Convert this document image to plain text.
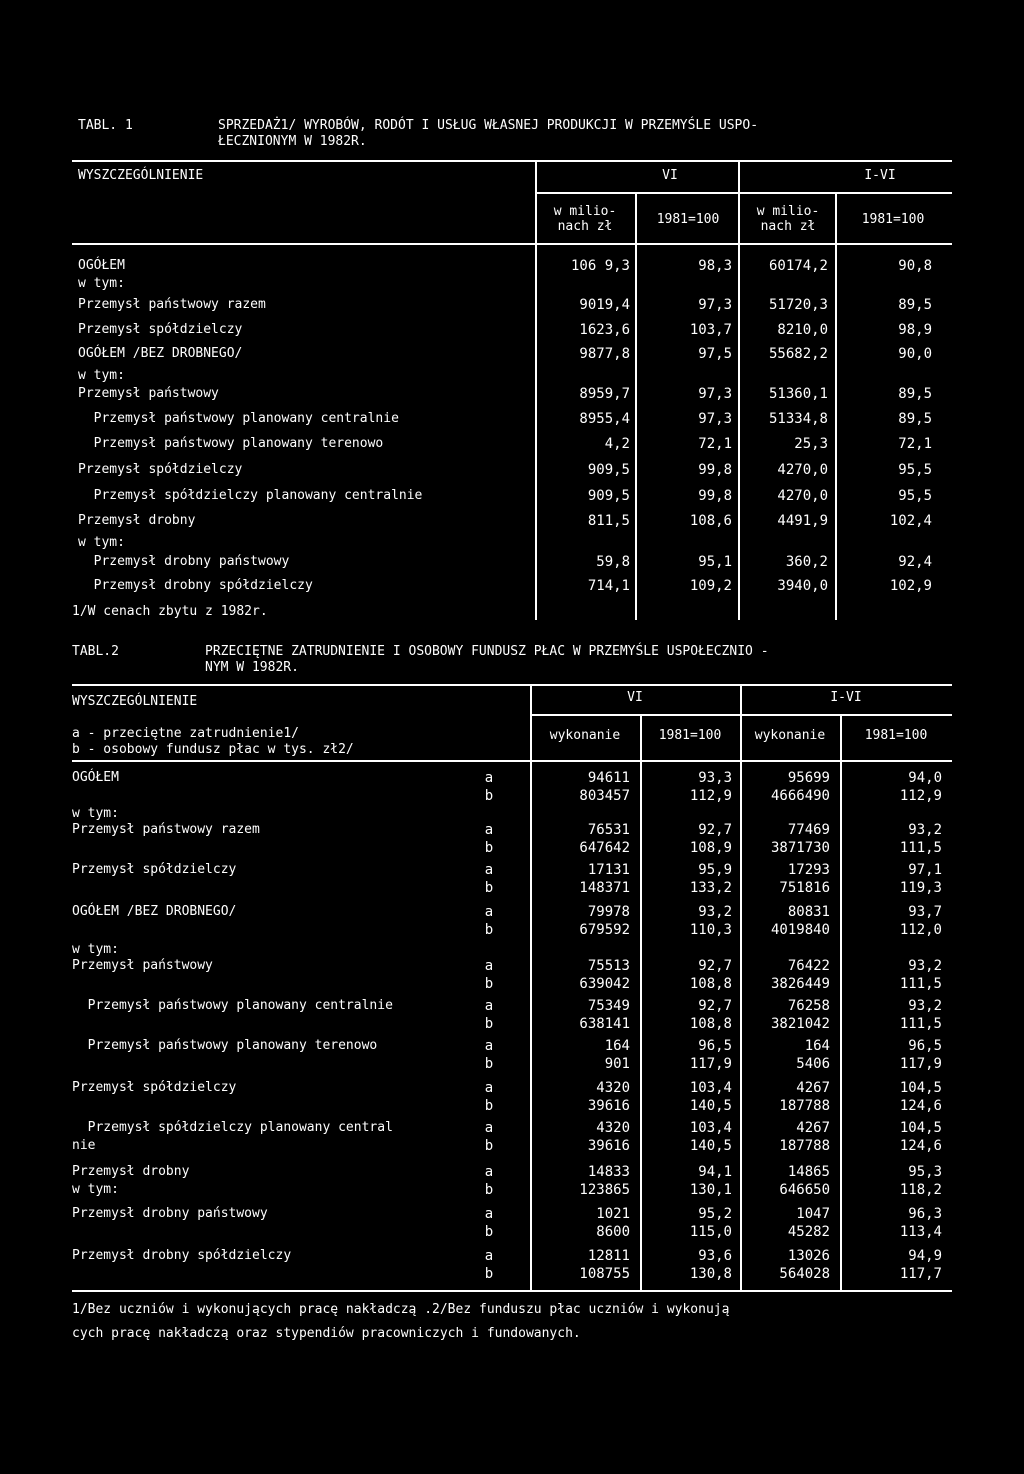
TABL. 1	SPRZEDAŻ1/ WYROBÓW, RODÓT I USŁUG WŁASNEJ PRODUKCJI W PRZEMYŚLE USPO-
ŁECZNIONYM W 1982R.
WYSZCZEGÓLNIENIE	VI	I-VI
w milio-
nach zł	1981=100
w milio-
nach zł	1981=100
OGÓŁEM	106 9,3	98,3	60174,2	90,8
w tym:
Przemysł państwowy razem	9019,4	97,3	51720,3	89,5
Przemysł spółdzielczy	1623,6	103,7	8210,0	98,9
OGÓŁEM /BEZ DROBNEGO/	9877,8	97,5	55682,2	90,0
w tym:
Przemysł państwowy	8959,7	97,3	51360,1	89,5
Przemysł państwowy planowany centralnie	8955,4	97,3	51334,8	89,5
Przemysł państwowy planowany terenowo	4,2	72,1	25,3	72,1
Przemysł spółdzielczy	909,5	99,8	4270,0	95,5
Przemysł spółdzielczy planowany centralnie	909,5	99,8	4270,0	95,5
Przemysł drobny	811,5	108,6	4491,9	102,4
w tym:
Przemysł drobny państwowy	59,8	95,1	360,2	92,4
Przemysł drobny spółdzielczy	714,1	109,2	3940,0	102,9
1/W cenach zbytu z 1982r.
TABL.2	PRZECIĘTNE ZATRUDNIENIE I OSOBOWY FUNDUSZ PŁAC W PRZEMYŚLE USPOŁECZNIO -
NYM W 1982R.
WYSZCZEGÓLNIENIE	VI	I-VI
a - przeciętne zatrudnienie1/
b - osobowy fundusz płac w tys. zł2/
wykonanie	1981=100	wykonanie	1981=100
OGÓŁEM	a	94611	93,3	95699	94,0
b	803457	112,9	4666490	112,9
w tym:
Przemysł państwowy razem	a	76531	92,7	77469	93,2
b	647642	108,9	3871730	111,5
Przemysł spółdzielczy	a	17131	95,9	17293	97,1
b	148371	133,2	751816	119,3
OGÓŁEM /BEZ DROBNEGO/	a	79978	93,2	80831	93,7
b	679592	110,3	4019840	112,0
w tym:
Przemysł państwowy	a	75513	92,7	76422	93,2
b	639042	108,8	3826449	111,5
Przemysł państwowy planowany centralnie	a	75349	92,7	76258	93,2
b	638141	108,8	3821042	111,5
Przemysł państwowy planowany terenowo	a	164	96,5	164	96,5
b	901	117,9	5406	117,9
Przemysł spółdzielczy	a	4320	103,4	4267	104,5
b	39616	140,5	187788	124,6
Przemysł spółdzielczy planowany central	a	4320	103,4	4267	104,5
nie	b	39616	140,5	187788	124,6
Przemysł drobny	a	14833	94,1	14865	95,3
w tym:	b	123865	130,1	646650	118,2
Przemysł drobny państwowy	a	1021	95,2	1047	96,3
b	8600	115,0	45282	113,4
Przemysł drobny spółdzielczy	a	12811	93,6	13026	94,9
b	108755	130,8	564028	117,7
1/Bez uczniów i wykonujących pracę nakładczą .2/Bez funduszu płac uczniów i wykonują
cych pracę nakładczą oraz stypendiów pracowniczych i fundowanych.
